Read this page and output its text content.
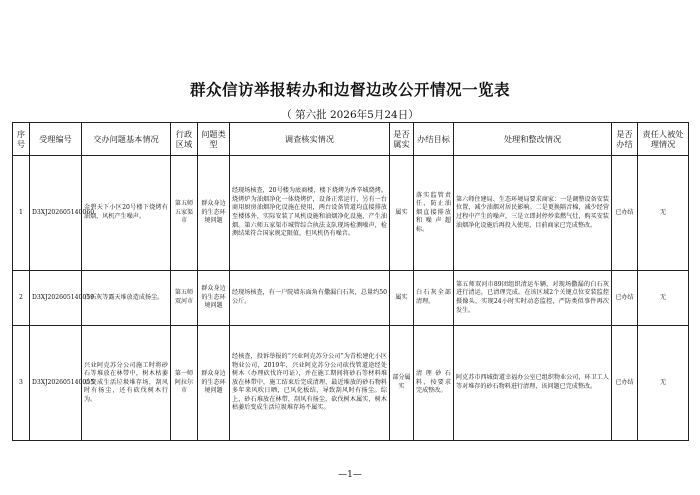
群众信访举报转办和边督边改公开情况一览表
（ 第六批 2026年5月24日）
序号	受理编号	交办问题基本情况	行政区域	问题类型	调查核实情况	是否属实	办结目标	处理和整改情况	是否办结	责任人被处理情况
1	D3XJ202605140060	金碧天下小区20号楼下烧烤有油烟，风机产生噪声。	第五师五家渠市	群众身边的生态环境问题	经现场核查，20号楼为底商楼，楼下烧烤为香辛城烧烤。烧烤炉为油烟净化一体烧烤炉，设备正常运行，另有一台商用厨房油烟净化设施在使用，两台设备管道均直接排放至楼体外，实际安装了风机设施和油烟净化设施，产生油烟。第六师五家渠市城管综合执法支队现场检测噪声，检测结果符合国家规定限值，但风机仍有噪音。	属实	落实监管责任，防止油烟直接排放和噪声超标。	第六师住建局、生态环境局要求商家：一是调整设备安装位置，减少油烟对居民影响。二是更换隔音棉，减少经营过程中产生的噪声，三是立即封停炒菜燃气灶，购买安装油烟净化设施后再投入使用，目前商家已完成整改。	已办结	无
2	D3XJ202605140059	白石灰等露天堆放造成扬尘。	第五师双河市	群众身边的生态环境问题	经现场核查，有一户院墙东面角有撒漏白石灰，总量约50公斤。	属实	白石灰全部清理。	第五师双河市89团组织清运车辆，对现场撒漏的白石灰进行清运，已清理完成。在该区域2个关键点位安装监控摄像头，实现24小时实时动态监控，严防类似事件再次发生。	已办结	无
3	D3XJ202605140055	兴业阿克苏分公司施工时将砂石等堆放在林带中，树木枯萎后变成生活垃圾堆存场，刮风时有扬尘，还有砍伐树木行为。	第一师阿拉尔市	群众身边的生态环境问题	经核查，投诉举报的“兴业阿克苏分公司”为青松建化小区物业公司，2019年，兴业阿克苏分公司砍伐管道途经处树木（办理砍伐许可证），并在施工期间将砂石等材料堆放在林带中，施工结束后完成清理，最近堆放的砂石物料多年来风吹日晒，已风化板结，导致刮风时有扬尘。综上，砂石堆放在林带，刮风有扬尘，砍伐树木属实，树木枯萎后变成生活垃圾堆存场不属实。	部分属实	清理砂石料，按要求完成整改。	阿克苏市西城街道幸福办公室已组织物业公司，环卫工人等对堆存的砂石物料进行清理，该问题已完成整改。	已办结	无
—1—
